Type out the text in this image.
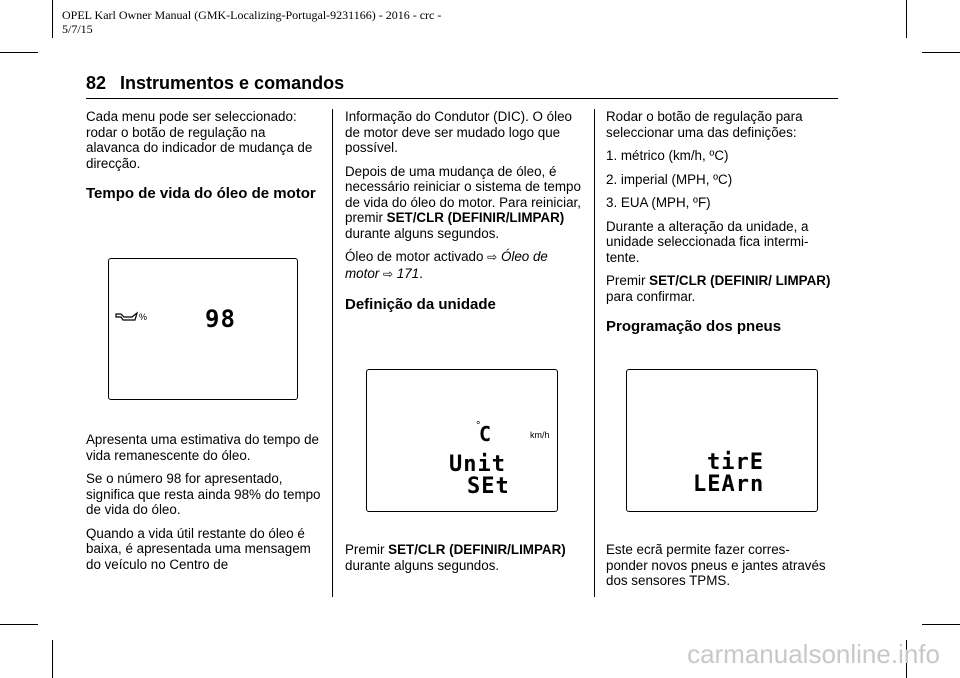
OPEL Karl Owner Manual (GMK-Localizing-Portugal-9231166) - 2016 - crc -
5/7/15
82 Instrumentos e comandos

Cada menu pode ser seleccionado: rodar o botão de regulação na alavanca do indicador de mudança de direcção.

Tempo de vida do óleo de motor
% 98

Apresenta uma estimativa do tempo de vida remanescente do óleo.

Se o número 98 for apresentado, significa que resta ainda 98% do tempo de vida do óleo.

Quando a vida útil restante do óleo é baixa, é apresentada uma mensagem do veículo no Centro de

Informação do Condutor (DIC). O óleo de motor deve ser mudado logo que possível.

Depois de uma mudança de óleo, é necessário reiniciar o sistema de tempo de vida do óleo do motor. Para reiniciar, premir SET/CLR (DEFINIR/LIMPAR) durante alguns segundos.

Óleo de motor activado ⇨ Óleo de motor ⇨ 171.

Definição da unidade
°
C	km/h
Unit
SEt

Premir SET/CLR (DEFINIR/LIMPAR) durante alguns segundos.

Rodar o botão de regulação para seleccionar uma das definições:

1. métrico (km/h, ºC)

2. imperial (MPH, ºC)

3. EUA (MPH, ºF)

Durante a alteração da unidade, a unidade seleccionada fica intermi- tente.

Premir SET/CLR (DEFINIR/ LIMPAR) para confirmar.

Programação dos pneus
tirE
LEArn

Este ecrã permite fazer corres- ponder novos pneus e jantes através dos sensores TPMS.

carmanualsonline.info
